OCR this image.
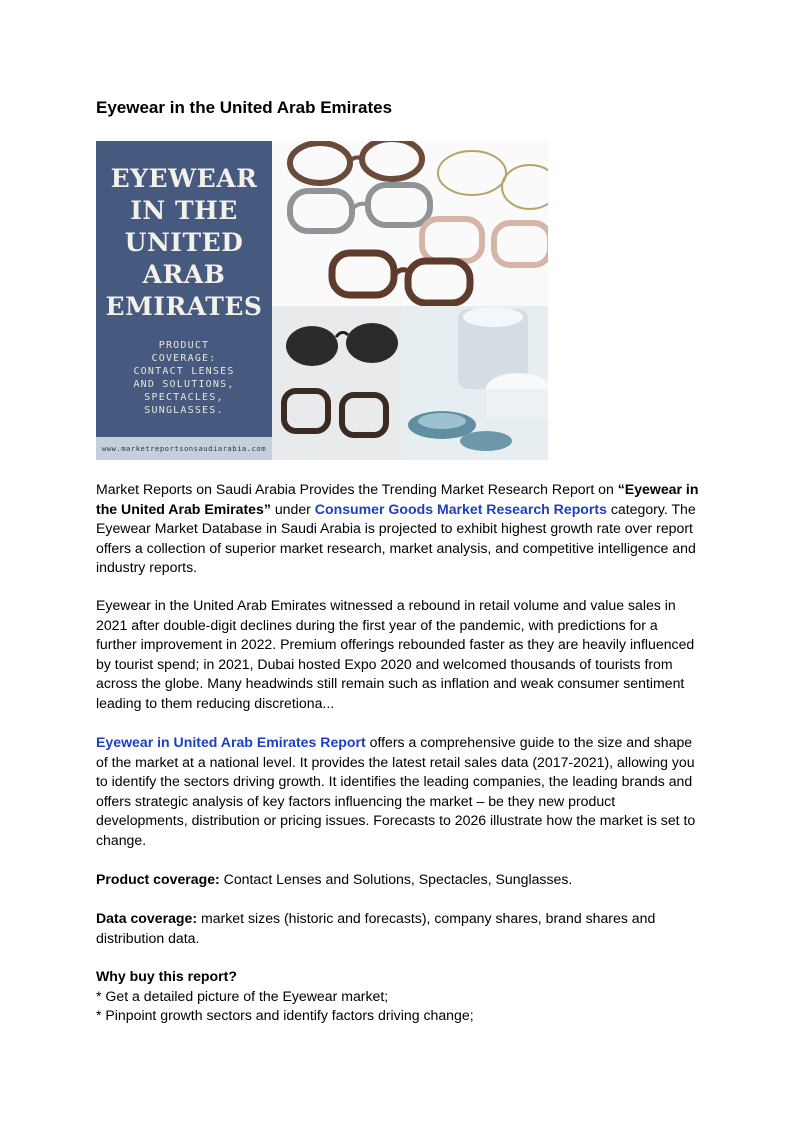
Eyewear in the United Arab Emirates
EYEWEAR
IN THE
UNITED
ARAB
EMIRATES
PRODUCT
COVERAGE:
CONTACT LENSES
AND SOLUTIONS,
SPECTACLES,
SUNGLASSES.
www.marketreportsonsaudiarabia.com

Market Reports on Saudi Arabia Provides the Trending Market Research Report on “Eyewear in the United Arab Emirates” under Consumer Goods Market Research Reports category. The Eyewear Market Database in Saudi Arabia is projected to exhibit highest growth rate over report offers a collection of superior market research, market analysis, and competitive intelligence and industry reports.

Eyewear in the United Arab Emirates witnessed a rebound in retail volume and value sales in 2021 after double-digit declines during the first year of the pandemic, with predictions for a further improvement in 2022. Premium offerings rebounded faster as they are heavily influenced by tourist spend; in 2021, Dubai hosted Expo 2020 and welcomed thousands of tourists from across the globe. Many headwinds still remain such as inflation and weak consumer sentiment leading to them reducing discretiona...

Eyewear in United Arab Emirates Report offers a comprehensive guide to the size and shape of the market at a national level. It provides the latest retail sales data (2017-2021), allowing you to identify the sectors driving growth. It identifies the leading companies, the leading brands and offers strategic analysis of key factors influencing the market – be they new product developments, distribution or pricing issues. Forecasts to 2026 illustrate how the market is set to change.

Product coverage: Contact Lenses and Solutions, Spectacles, Sunglasses.

Data coverage: market sizes (historic and forecasts), company shares, brand shares and distribution data.

Why buy this report?
* Get a detailed picture of the Eyewear market;
* Pinpoint growth sectors and identify factors driving change;
